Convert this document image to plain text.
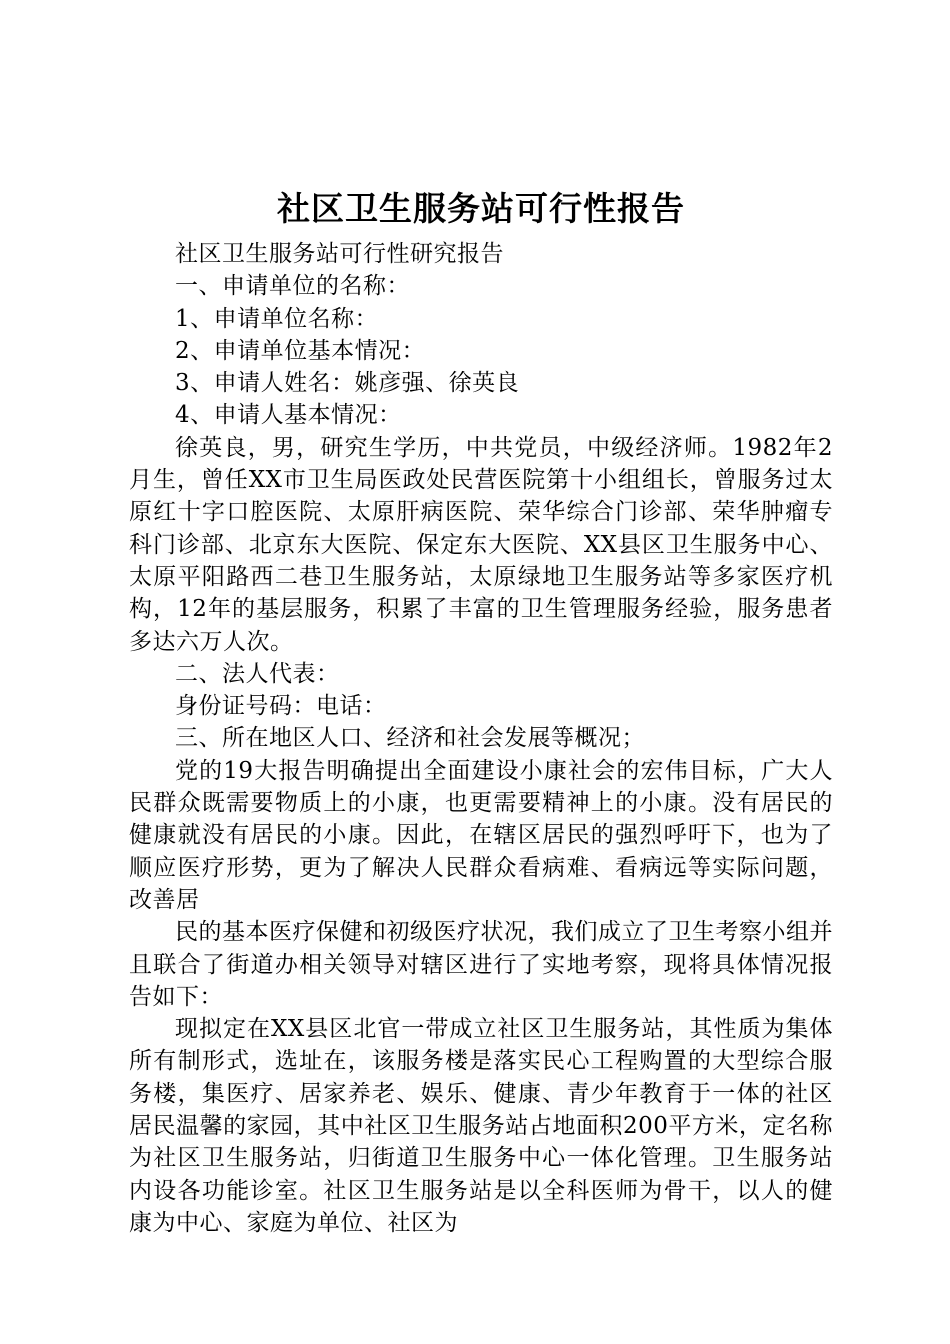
社区卫生服务站可行性报告

社区卫生服务站可行性研究报告

一、申请单位的名称：

1、申请单位名称：

2、申请单位基本情况：

3、申请人姓名：姚彦强、徐英良

4、申请人基本情况：

徐英良，男，研究生学历，中共党员，中级经济师。1982年2月生，曾任XX市卫生局医政处民营医院第十小组组长，曾服务过太原红十字口腔医院、太原肝病医院、荣华综合门诊部、荣华肿瘤专科门诊部、北京东大医院、保定东大医院、XX县区卫生服务中心、太原平阳路西二巷卫生服务站，太原绿地卫生服务站等多家医疗机构，12年的基层服务，积累了丰富的卫生管理服务经验，服务患者多达六万人次。

二、法人代表：

身份证号码：电话：

三、所在地区人口、经济和社会发展等概况；

党的19大报告明确提出全面建设小康社会的宏伟目标，广大人民群众既需要物质上的小康，也更需要精神上的小康。没有居民的健康就没有居民的小康。因此，在辖区居民的强烈呼吁下，也为了顺应医疗形势，更为了解决人民群众看病难、看病远等实际问题，改善居

民的基本医疗保健和初级医疗状况，我们成立了卫生考察小组并且联合了街道办相关领导对辖区进行了实地考察，现将具体情况报告如下：

现拟定在XX县区北官一带成立社区卫生服务站，其性质为集体所有制形式，选址在，该服务楼是落实民心工程购置的大型综合服务楼，集医疗、居家养老、娱乐、健康、青少年教育于一体的社区居民温馨的家园，其中社区卫生服务站占地面积200平方米，定名称为社区卫生服务站，归街道卫生服务中心一体化管理。卫生服务站内设各功能诊室。社区卫生服务站是以全科医师为骨干，以人的健康为中心、家庭为单位、社区为
